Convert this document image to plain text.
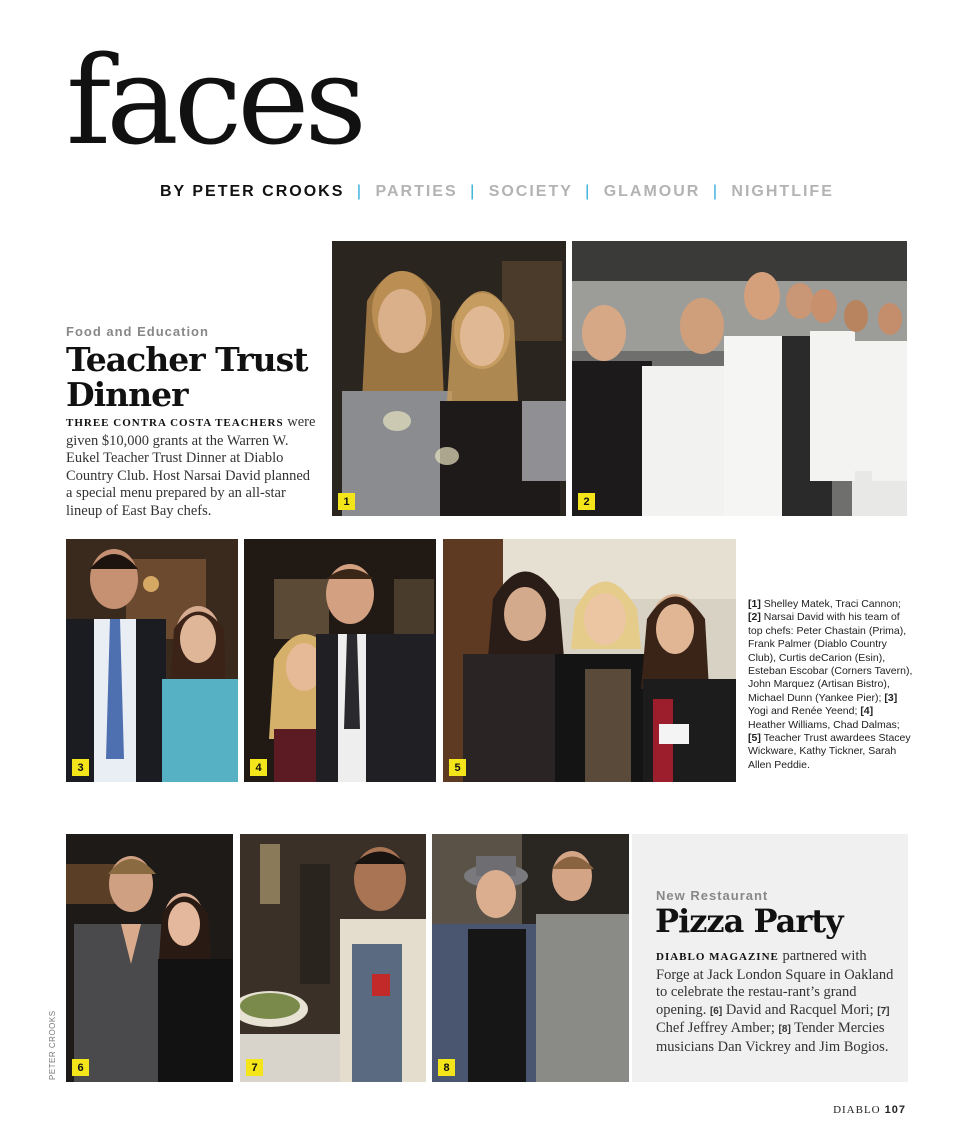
faces
BY PETER CROOKS | PARTIES | SOCIETY | GLAMOUR | NIGHTLIFE
Food and Education
Teacher Trust
Dinner

THREE CONTRA COSTA TEACHERS were given $10,000 grants at the Warren W. Eukel Teacher Trust Dinner at Diablo Country Club. Host Narsai David planned a special menu prepared by an all-star lineup of East Bay chefs.

1	2
3	4	5

[1] Shelley Matek, Traci Cannon; [2] Narsai David with his team of top chefs: Peter Chastain (Prima), Frank Palmer (Diablo Country Club), Curtis deCarion (Esin), Esteban Escobar (Corners Tavern), John Marquez (Artisan Bistro), Michael Dunn (Yankee Pier); [3] Yogi and Renée Yeend; [4] Heather Williams, Chad Dalmas; [5] Teacher Trust awardees Stacey Wickware, Kathy Tickner, Sarah Allen Peddie.

6	7	8
New Restaurant
Pizza Party

DIABLO MAGAZINE partnered with Forge at Jack London Square in Oakland to celebrate the restau-rant’s grand opening. [6] David and Racquel Mori; [7] Chef Jeffrey Amber; [8] Tender Mercies musicians Dan Vickrey and Jim Bogios.

PETER CROOKS
DIABLO 107
